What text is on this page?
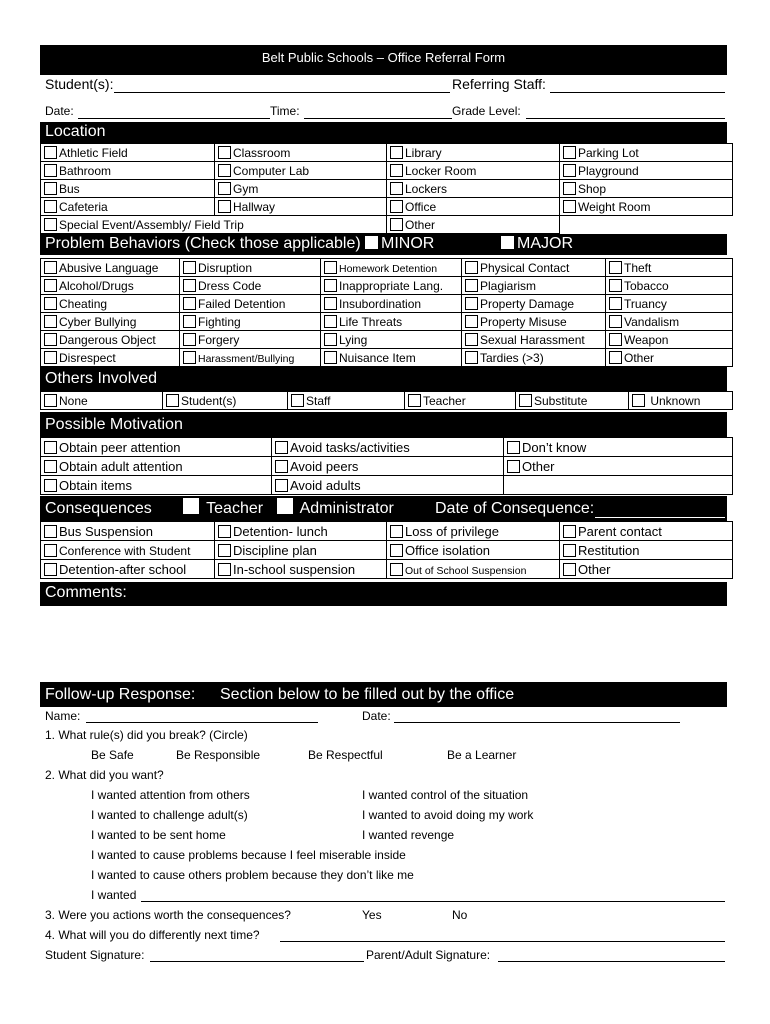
Belt Public Schools – Office Referral Form
Student(s):	Referring Staff:
Date:	Time:	Grade Level:
Location
Athletic Field	Classroom	Library	Parking Lot
Bathroom	Computer Lab	Locker Room	Playground
Bus	Gym	Lockers	Shop
Cafeteria	Hallway	Office	Weight Room
Special Event/Assembly/ Field Trip		Other	
Problem Behaviors (Check those applicable)	MINOR	MAJOR
Abusive Language	Disruption	Homework Detention	Physical Contact	Theft
Alcohol/Drugs	Dress Code	Inappropriate Lang.	Plagiarism	Tobacco
Cheating	Failed Detention	Insubordination	Property Damage	Truancy
Cyber Bullying	Fighting	Life Threats	Property Misuse	Vandalism
Dangerous Object	Forgery	Lying	Sexual Harassment	Weapon
Disrespect	Harassment/Bullying	Nuisance Item	Tardies (>3)	Other
Others Involved
None	Student(s)	Staff	Teacher	Substitute	Unknown
Possible Motivation
Obtain peer attention	Avoid tasks/activities	Don’t know
Obtain adult attention	Avoid peers	Other
Obtain items	Avoid adults	
Consequences	Teacher	Administrator	Date of Consequence:
Bus Suspension	Detention- lunch	Loss of privilege	Parent contact
Conference with Student	Discipline plan	Office isolation	Restitution
Detention-after school	In-school suspension	Out of School Suspension	Other
Comments:
Follow-up Response: Section below to be filled out by the office
Name:	Date:
1. What rule(s) did you break? (Circle)
Be Safe	Be Responsible	Be Respectful	Be a Learner
2. What did you want?
I wanted attention from others	I wanted control of the situation
I wanted to challenge adult(s)	I wanted to avoid doing my work
I wanted to be sent home	I wanted revenge
I wanted to cause problems because I feel miserable inside
I wanted to cause others problem because they don’t like me
I wanted
3. Were you actions worth the consequences?	Yes	No
4. What will you do differently next time?
Student Signature:	Parent/Adult Signature:
